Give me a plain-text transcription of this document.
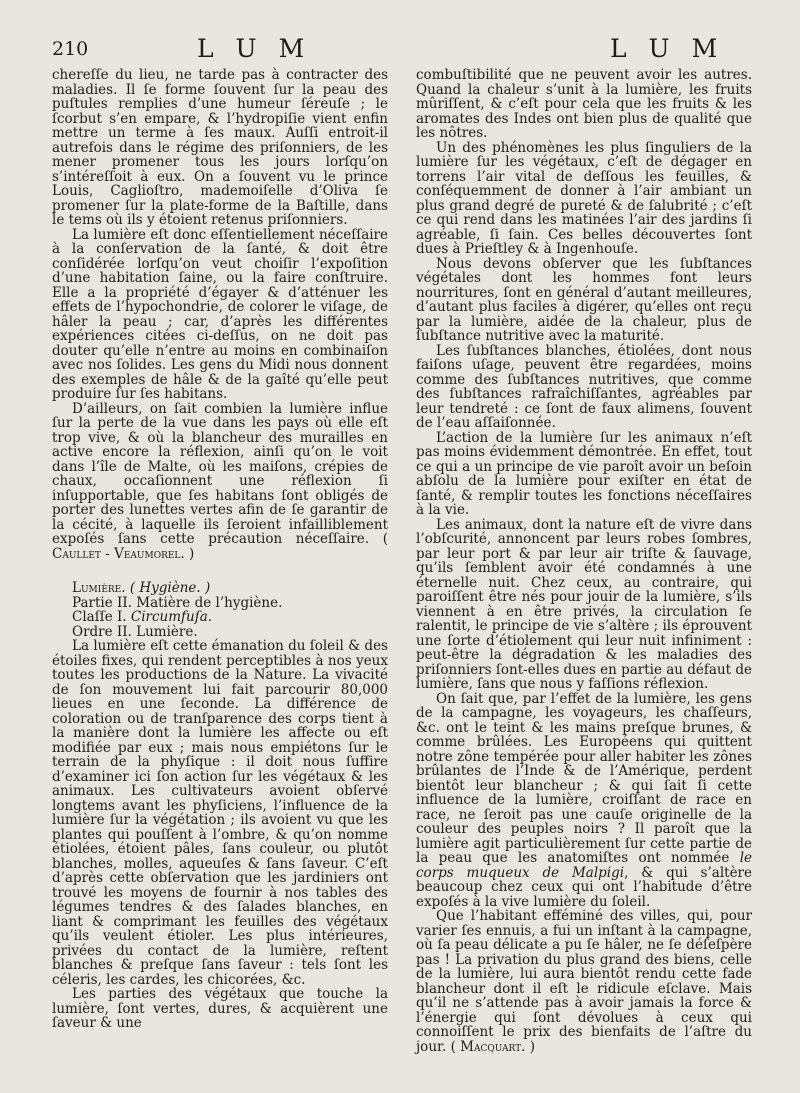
210	L U M	L U M

chereſſe du lieu, ne tarde pas à contracter des maladies. Il ſe forme ſouvent ſur la peau des puſtules remplies d’une humeur ſéreuſe ; le ſcorbut s’en empare, & l’hydropiſie vient enfin mettre un terme à ſes maux. Auſſi entroit-il autrefois dans le régime des priſonniers, de les mener promener tous les jours lorſqu’on s’intéreſſoit à eux. On a ſouvent vu le prince Louis, Caglioſtro, mademoiſelle d’Oliva ſe promener ſur la plate-forme de la Baſtille, dans le tems où ils y étoient retenus priſonniers.

La lumière eſt donc eſſentiellement néceſſaire à la conſervation de la ſanté, & doit être conſidérée lorſqu’on veut choiſir l’expoſition d’une habitation ſaine, ou la faire conſtruire. Elle a la propriété d’égayer & d’atténuer les effets de l’hypochondrie, de colorer le viſage, de hâler la peau ; car, d’après les différentes expériences citées ci-deſſus, on ne doit pas douter qu’elle n’entre au moins en combinaiſon avec nos ſolides. Les gens du Midi nous donnent des exemples de hâle & de la gaîté qu’elle peut produire ſur ſes habitans.

D’ailleurs, on ſait combien la lumière influe ſur la perte de la vue dans les pays où elle eſt trop vive, & où la blancheur des murailles en active encore la réflexion, ainſi qu’on le voit dans l’île de Malte, où les maiſons, crépies de chaux, occaſionnent une réflexion ſi inſupportable, que ſes habitans ſont obligés de porter des lunettes vertes afin de ſe garantir de la cécité, à laquelle ils ſeroient infailliblement expoſés ſans cette précaution néceſſaire. ( Caullet - Veaumorel. )

Lumière. ( Hygiène. )

Partie II. Matière de l’hygiène.

Claſſe I. Circumfuſa.

Ordre II. Lumière.

La lumière eſt cette émanation du ſoleil & des étoiles fixes, qui rendent perceptibles à nos yeux toutes les productions de la Nature. La vivacité de ſon mouvement lui fait parcourir 80,000 lieues en une ſeconde. La différence de coloration ou de tranſparence des corps tient à la manière dont la lumière les affecte ou eſt modifiée par eux ; mais nous empiétons ſur le terrain de la phyſique : il doit nous ſuffire d’examiner ici ſon action ſur les végétaux & les animaux. Les cultivateurs avoient obſervé longtems avant les phyſiciens, l’influence de la lumière ſur la végétation ; ils avoient vu que les plantes qui pouſſent à l’ombre, & qu’on nomme étiolées, étoient pâles, ſans couleur, ou plutôt blanches, molles, aqueuſes & ſans ſaveur. C’eſt d’après cette obſervation que les jardiniers ont trouvé les moyens de fournir à nos tables des légumes tendres & des ſalades blanches, en liant & comprimant les feuilles des végétaux qu’ils veulent étioler. Les plus intérieures, privées du contact de la lumière, reſtent blanches & preſque ſans ſaveur : tels ſont les céleris, les cardes, les chicorées, &c.

Les parties des végétaux que touche la lumière, ſont vertes, dures, & acquièrent une ſaveur & une

combuſtibilité que ne peuvent avoir les autres. Quand la chaleur s’unit à la lumière, les fruits mûriſſent, & c’eſt pour cela que les fruits & les aromates des Indes ont bien plus de qualité que les nôtres.

Un des phénomènes les plus ſinguliers de la lumière ſur les végétaux, c’eſt de dégager en torrens l’air vital de deſſous les feuilles, & conſéquemment de donner à l’air ambiant un plus grand degré de pureté & de ſalubrité ; c’eſt ce qui rend dans les matinées l’air des jardins ſi agréable, ſi ſain. Ces belles découvertes ſont dues à Prieſtley & à Ingenhouſe.

Nous devons obſerver que les ſubſtances végétales dont les hommes font leurs nourritures, ſont en général d’autant meilleures, d’autant plus faciles à digérer, qu’elles ont reçu par la lumière, aidée de la chaleur, plus de ſubſtance nutritive avec la maturité.

Les ſubſtances blanches, étiolées, dont nous faiſons uſage, peuvent être regardées, moins comme des ſubſtances nutritives, que comme des ſubſtances rafraîchiſſantes, agréables par leur tendreté : ce ſont de faux alimens, ſouvent de l’eau aſſaiſonnée.

L’action de la lumière ſur les animaux n’eſt pas moins évidemment démontrée. En effet, tout ce qui a un principe de vie paroît avoir un beſoin abſolu de la lumière pour exiſter en état de ſanté, & remplir toutes les fonctions néceſſaires à la vie.

Les animaux, dont la nature eſt de vivre dans l’obſcurité, annoncent par leurs robes ſombres, par leur port & par leur air triſte & ſauvage, qu’ils ſemblent avoir été condamnés à une éternelle nuit. Chez ceux, au contraire, qui paroiſſent être nés pour jouir de la lumière, s’ils viennent à en être privés, la circulation ſe ralentit, le principe de vie s’altère ; ils éprouvent une ſorte d’étiolement qui leur nuit infiniment : peut-être la dégradation & les maladies des priſonniers ſont-elles dues en partie au défaut de lumière, ſans que nous y faſſions réflexion.

On ſait que, par l’effet de la lumière, les gens de la campagne, les voyageurs, les chaſſeurs, &c. ont le teint & les mains preſque brunes, & comme brûlées. Les Européens qui quittent notre zône tempérée pour aller habiter les zônes brûlantes de l’Inde & de l’Amérique, perdent bientôt leur blancheur ; & qui ſait ſi cette influence de la lumière, croiſſant de race en race, ne ſeroit pas une cauſe originelle de la couleur des peuples noirs ? Il paroît que la lumière agit particulièrement ſur cette partie de la peau que les anatomiſtes ont nommée le corps muqueux de Malpigi, & qui s’altère beaucoup chez ceux qui ont l’habitude d’être expoſés à la vive lumière du ſoleil.

Que l’habitant efféminé des villes, qui, pour varier ſes ennuis, a fui un inſtant à la campagne, où ſa peau délicate a pu ſe hâler, ne ſe déſeſpère pas ! La privation du plus grand des biens, celle de la lumière, lui aura bientôt rendu cette fade blancheur dont il eſt le ridicule eſclave. Mais qu’il ne s’attende pas à avoir jamais la force & l’énergie qui ſont dévolues à ceux qui connoiſſent le prix des bienfaits de l’aſtre du jour. ( Macquart. )
